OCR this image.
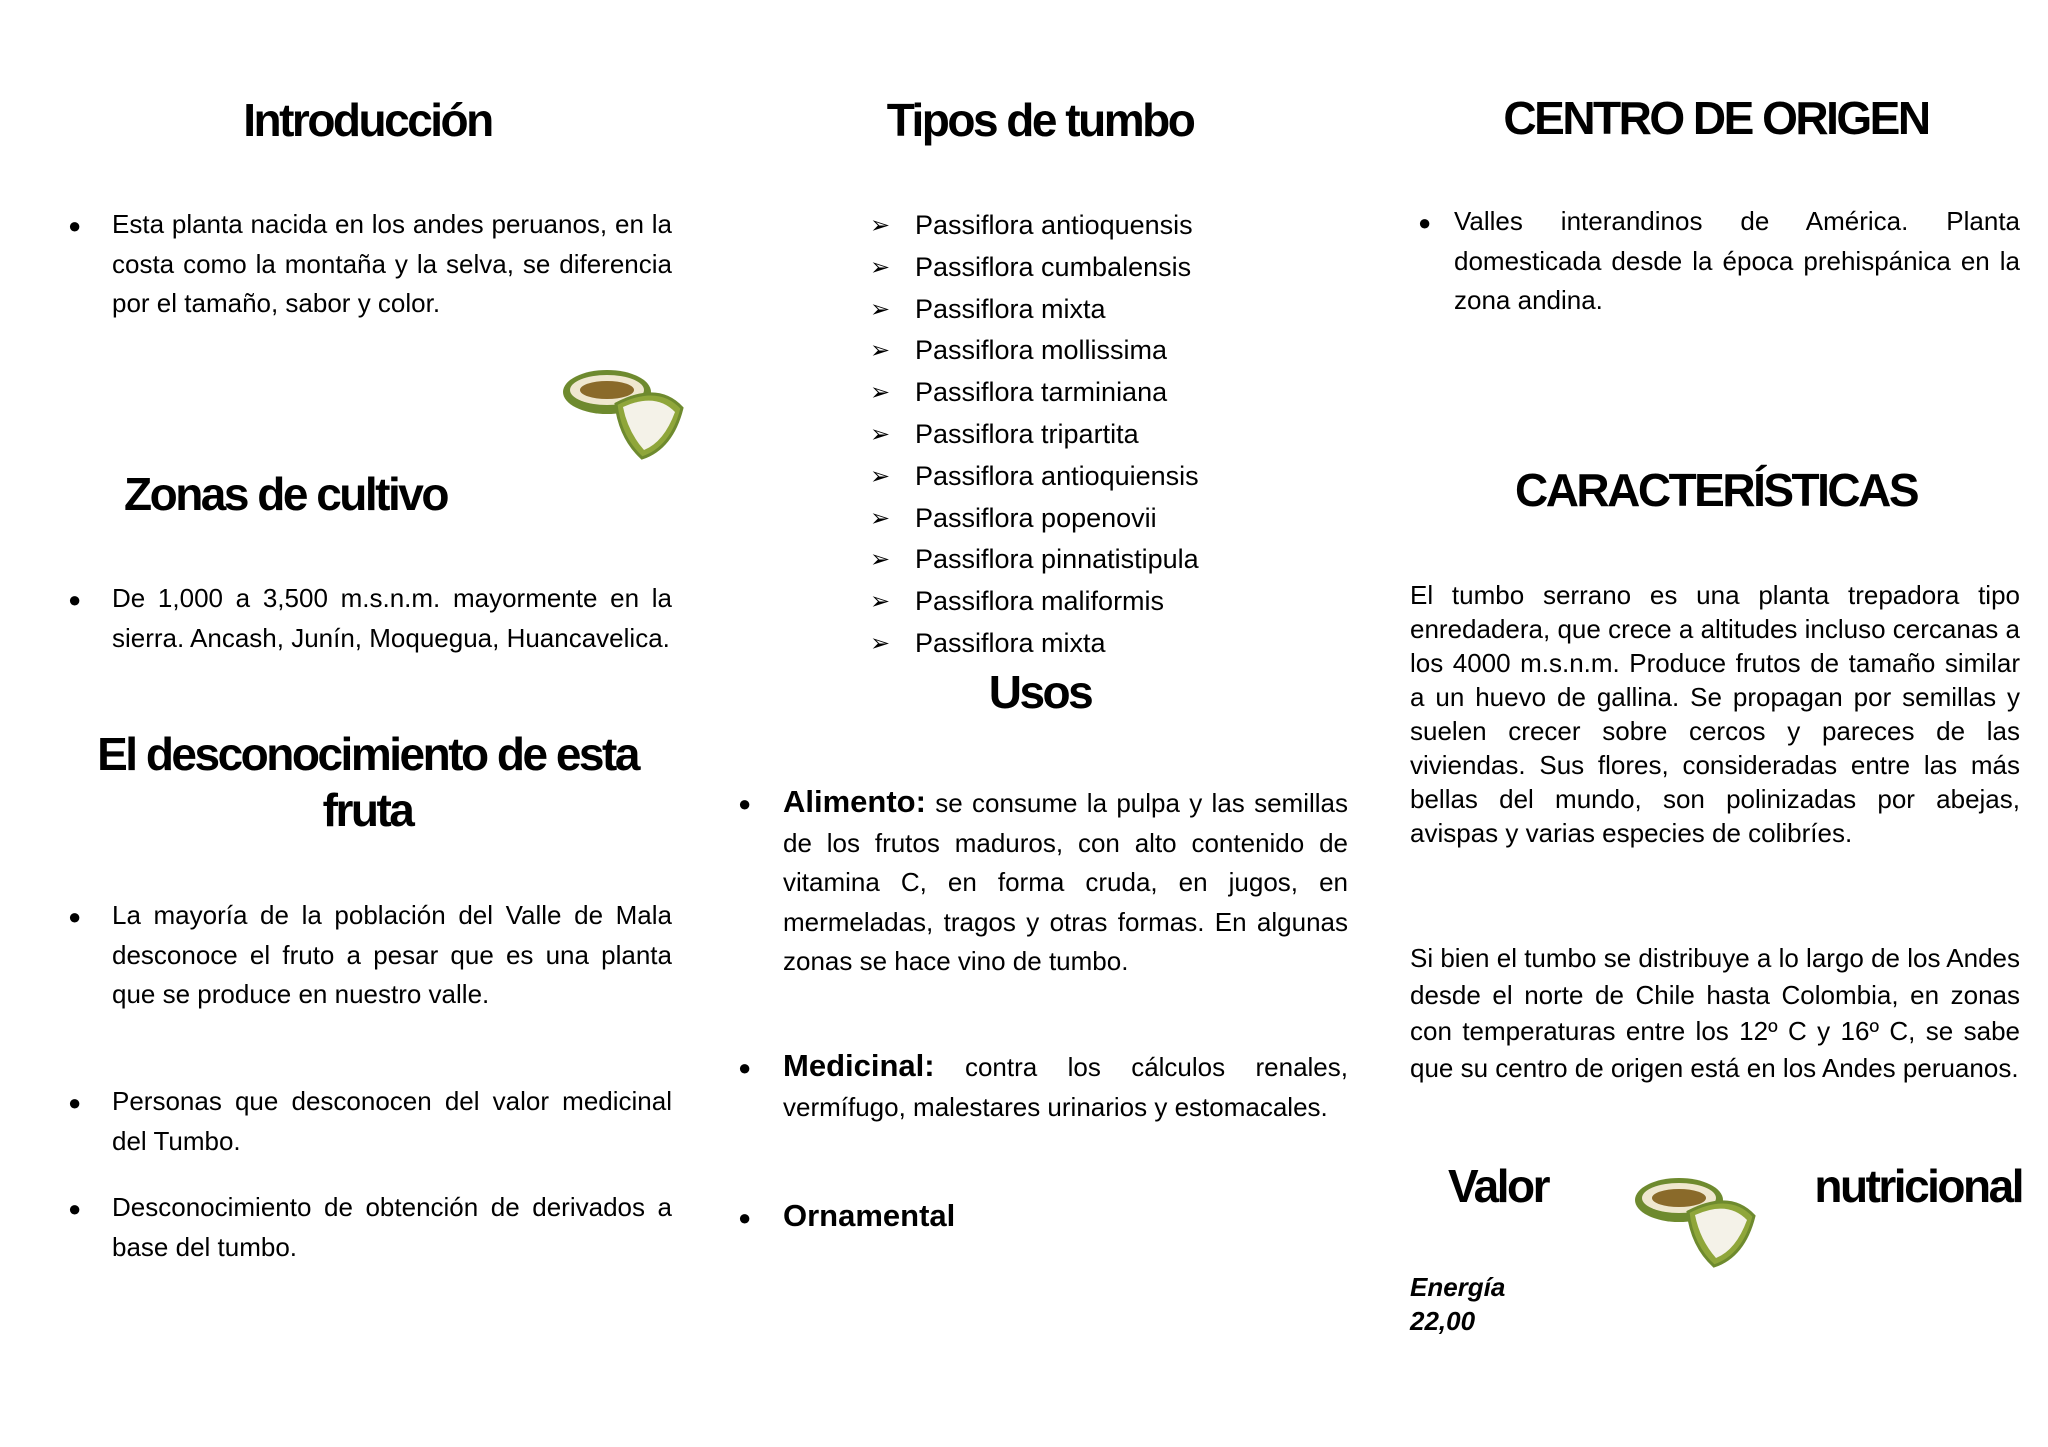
Introducción
● Esta planta nacida en los andes peruanos, en la costa como la montaña y la selva, se diferencia por el tamaño, sabor y color.

Zonas de cultivo
● De 1,000 a 3,500 m.s.n.m. mayormente en la sierra. Ancash, Junín, Moquegua, Huancavelica.

El desconocimiento de esta
fruta
● La mayoría de la población del Valle de Mala desconoce el fruto a pesar que es una planta que se produce en nuestro valle.

● Personas que desconocen del valor medicinal del Tumbo.

● Desconocimiento de obtención de derivados a base del tumbo.

Tipos de tumbo
➢ Passiflora antioquensis
➢ Passiflora cumbalensis
➢ Passiflora mixta
➢ Passiflora mollissima
➢ Passiflora tarminiana
➢ Passiflora tripartita
➢ Passiflora antioquiensis
➢ Passiflora popenovii
➢ Passiflora pinnatistipula
➢ Passiflora maliformis
➢ Passiflora mixta
Usos
● Alimento: se consume la pulpa y las semillas de los frutos maduros, con alto contenido de vitamina C, en forma cruda, en jugos, en mermeladas, tragos y otras formas. En algunas zonas se hace vino de tumbo.

● Medicinal: contra los cálculos renales, vermífugo, malestares urinarios y estomacales.

● Ornamental

CENTRO DE ORIGEN
● Valles interandinos de América. Planta domesticada desde la época prehispánica en la zona andina.

CARACTERÍSTICAS

El tumbo serrano es una planta trepadora tipo enredadera, que crece a altitudes incluso cercanas a los 4000 m.s.n.m. Produce frutos de tamaño similar a un huevo de gallina. Se propagan por semillas y suelen crecer sobre cercos y pareces de las viviendas. Sus flores, consideradas entre las más bellas del mundo, son polinizadas por abejas, avispas y varias especies de colibríes.

Si bien el tumbo se distribuye a lo largo de los Andes desde el norte de Chile hasta Colombia, en zonas con temperaturas entre los 12º C y 16º C, se sabe que su centro de origen está en los Andes peruanos.

Valor	nutricional

Energía

22,00
